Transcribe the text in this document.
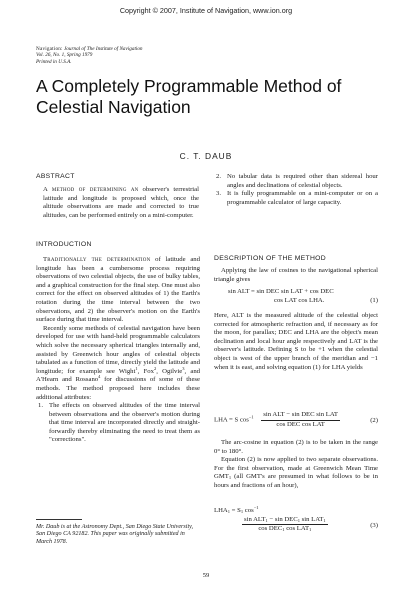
Copyright © 2007, Institute of Navigation, www.ion.org
Navigation: Journal of The Institute of Navigation
Vol. 26, No. 1, Spring 1979
Printed in U.S.A.
A Completely Programmable Method of Celestial Navigation
C. T. DAUB
ABSTRACT
A method of determining an observer's terrestrial latitude and longitude is proposed which, once the altitude observations are made and corrected to true altitudes, can be performed entirely on a mini-computer.
INTRODUCTION

Traditionally the determination of latitude and longitude has been a cumbersome process requiring observations of two celestial objects, the use of bulky tables, and a graphical construction for the final step. One must also correct for the effect on observed altitudes of 1) the Earth's rotation during the time interval between the two observations, and 2) the observer's motion on the Earth's surface during that time interval.

Recently some methods of celestial navigation have been developed for use with hand-held programmable calculators which solve the necessary spherical triangles internally and, assisted by Greenwich hour angles of celestial objects tabulated as a function of time, directly yield the latitude and longitude; for example see Wight$^1$, Fox$^2$, Ogilvie$^3$, and A'Hearn and Rossano$^4$ for discussions of some of these methods. The method proposed here includes these additional attributes:

1. The effects on observed altitudes of the time interval between observations and the observer's motion during that time interval are incorporated directly and straight-forwardly thereby eliminating the need to treat them as "corrections".
Mr. Daub is at the Astronomy Dept., San Diego State University, San Diego CA 92182. This paper was originally submitted in March 1978.
2. No tabular data is required other than sidereal hour angles and declinations of celestial objects.
3. It is fully programmable on a mini-computer or on a programmable calculator of large capacity.
DESCRIPTION OF THE METHOD

Applying the law of cosines to the navigational spherical triangle gives

sin ALT = sin DEC sin LAT + cos DEC
cos LAT cos LHA.	(1)

Here, ALT is the measured altitude of the celestial object corrected for atmospheric refraction and, if necessary as for the moon, for parallax; DEC and LHA are the object's mean declination and local hour angle respectively and LAT is the observer's latitude. Defining S to be +1 when the celestial object is west of the upper branch of the meridian and −1 when it is east, and solving equation (1) for LHA yields

LHA = S $\cos^{-1} \frac{\text{sin ALT − sin DEC sin LAT}}{\text{cos DEC cos LAT}}$	(2)

The arc-cosine in equation (2) is to be taken in the range 0° to 180°.

Equation (2) is now applied to two separate observations. For the first observation, made at Greenwich Mean Time $GMT_1$ (all GMT's are presumed in what follows to be in hours and fractions of an hour),

$LHA_1 = S_1$ $\cos^{-1}$
$\frac{\sin ALT_1 - \sin DEC_1 \sin LAT_1}{\cos DEC_1 \cos LAT_1}$	(3)
59
